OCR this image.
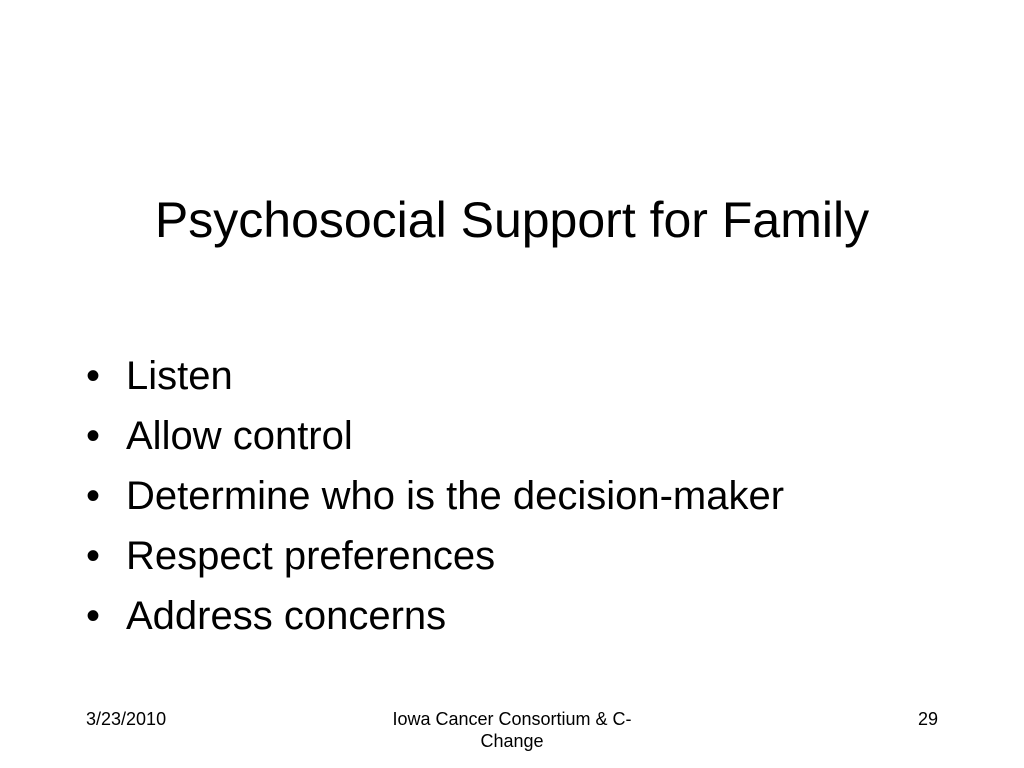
Psychosocial Support for Family
• Listen
• Allow control
• Determine who is the decision-maker
• Respect preferences
• Address concerns
3/23/2010	Iowa Cancer Consortium & C-
Change
29
